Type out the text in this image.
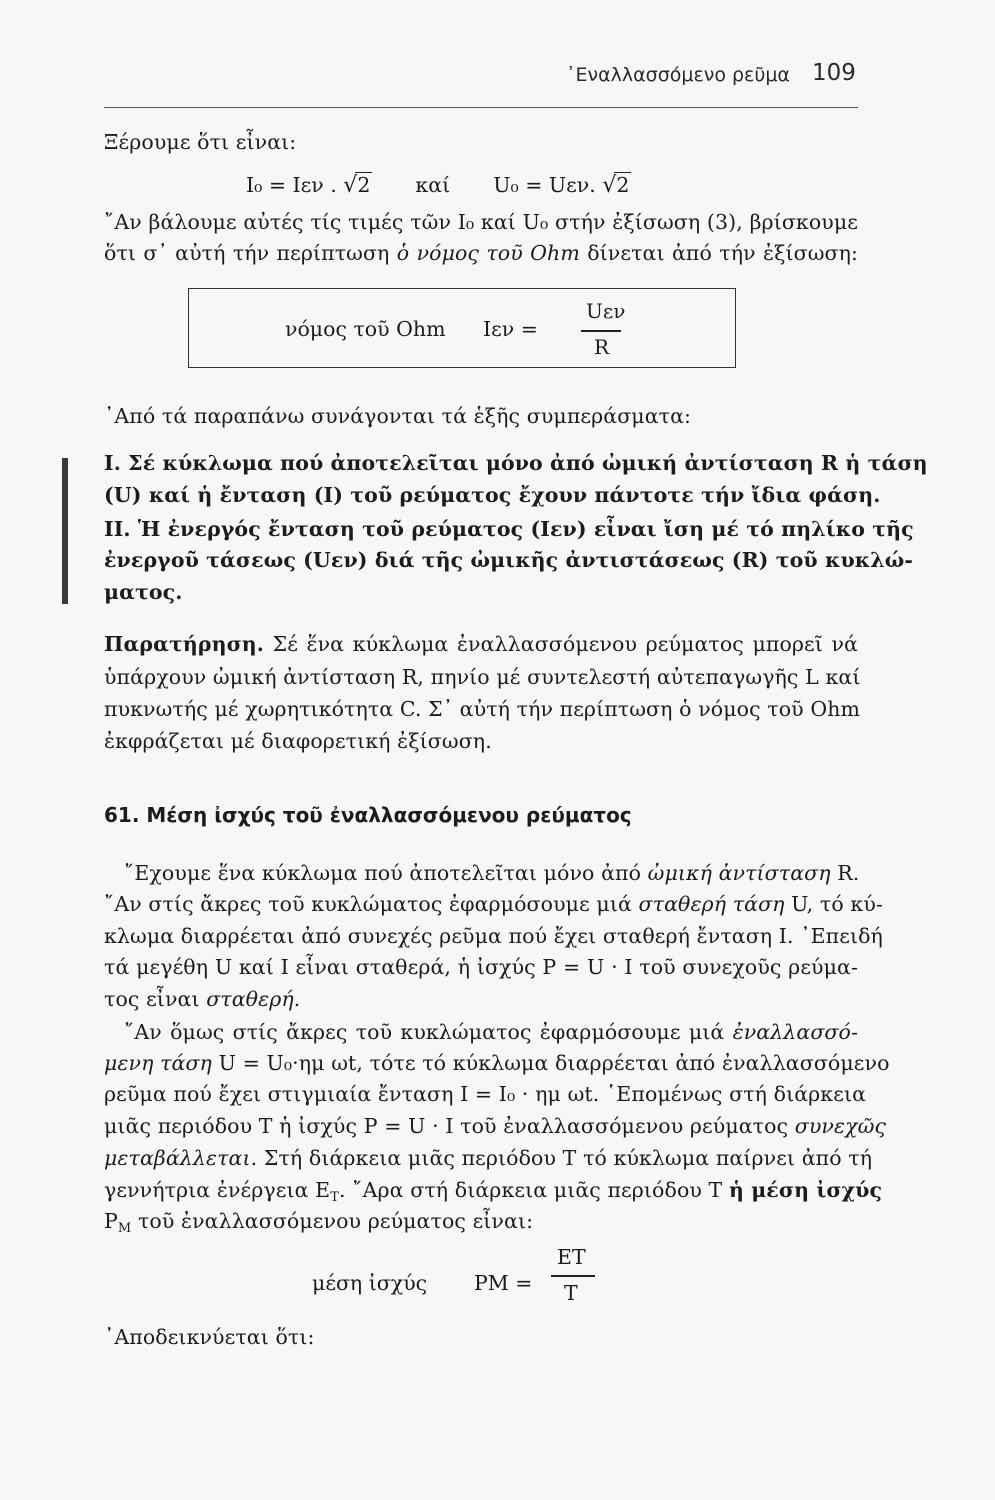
᾽Εναλλασσόμενο ρεῦμα 109
Ξέρουμε ὅτι εἶναι:
I₀ = Iεν . √2 καί U₀ = Uεν. √2
῎Αν βάλουμε αὐτές τίς τιμές τῶν I₀ καί U₀ στήν ἐξίσωση (3), βρίσκουμε
ὅτι σ᾽ αὐτή τήν περίπτωση ὁ νόμος τοῦ Ohm δίνεται ἀπό τήν ἐξίσωση:
νόμος τοῦ Ohm Iεν =
Uεν
R
᾽Από τά παραπάνω συνάγονται τά ἑξῆς συμπεράσματα:
I. Σέ κύκλωμα πού ἀποτελεῖται μόνο ἀπό ὠμική ἀντίσταση R ἡ τάση
(U) καί ἡ ἔνταση (I) τοῦ ρεύματος ἔχουν πάντοτε τήν ἴδια φάση.
II. Ἡ ἐνεργός ἔνταση τοῦ ρεύματος (Iεν) εἶναι ἴση μέ τό πηλίκο τῆς
ἐνεργοῦ τάσεως (Uεν) διά τῆς ὠμικῆς ἀντιστάσεως (R) τοῦ κυκλώ-
ματος.
Παρατήρηση. Σέ ἕνα κύκλωμα ἐναλλασσόμενου ρεύματος μπορεῖ νά
ὑπάρχουν ὠμική ἀντίσταση R, πηνίο μέ συντελεστή αὐτεπαγωγῆς L καί
πυκνωτής μέ χωρητικότητα C. Σ᾽ αὐτή τήν περίπτωση ὁ νόμος τοῦ Ohm
ἐκφράζεται μέ διαφορετική ἐξίσωση.
61. Μέση ἰσχύς τοῦ ἐναλλασσόμενου ρεύματος
῎Εχουμε ἕνα κύκλωμα πού ἀποτελεῖται μόνο ἀπό ὠμική ἀντίσταση R.
῎Αν στίς ἄκρες τοῦ κυκλώματος ἐφαρμόσουμε μιά σταθερή τάση U, τό κύ-
κλωμα διαρρέεται ἀπό συνεχές ρεῦμα πού ἔχει σταθερή ἔνταση I. ᾽Επειδή
τά μεγέθη U καί I εἶναι σταθερά, ἡ ἰσχύς P = U · I τοῦ συνεχοῦς ρεύμα-
τος εἶναι σταθερή.
῎Αν ὅμως στίς ἄκρες τοῦ κυκλώματος ἐφαρμόσουμε μιά ἐναλλασσό-
μενη τάση U = U₀·ημ ωt, τότε τό κύκλωμα διαρρέεται ἀπό ἐναλλασσόμενο
ρεῦμα πού ἔχει στιγμιαία ἔνταση I = I₀ · ημ ωt. ῾Επομένως στή διάρκεια
μιᾶς περιόδου T ἡ ἰσχύς P = U · I τοῦ ἐναλλασσόμενου ρεύματος συνεχῶς
μεταβάλλεται. Στή διάρκεια μιᾶς περιόδου T τό κύκλωμα παίρνει ἀπό τή
γεννήτρια ἐνέργεια $E_T$. ῎Αρα στή διάρκεια μιᾶς περιόδου T ἡ μέση ἰσχύς
$P_M$ τοῦ ἐναλλασσόμενου ρεύματος εἶναι:
μέση ἰσχύς PM =
ET
T
᾽Αποδεικνύεται ὅτι:
